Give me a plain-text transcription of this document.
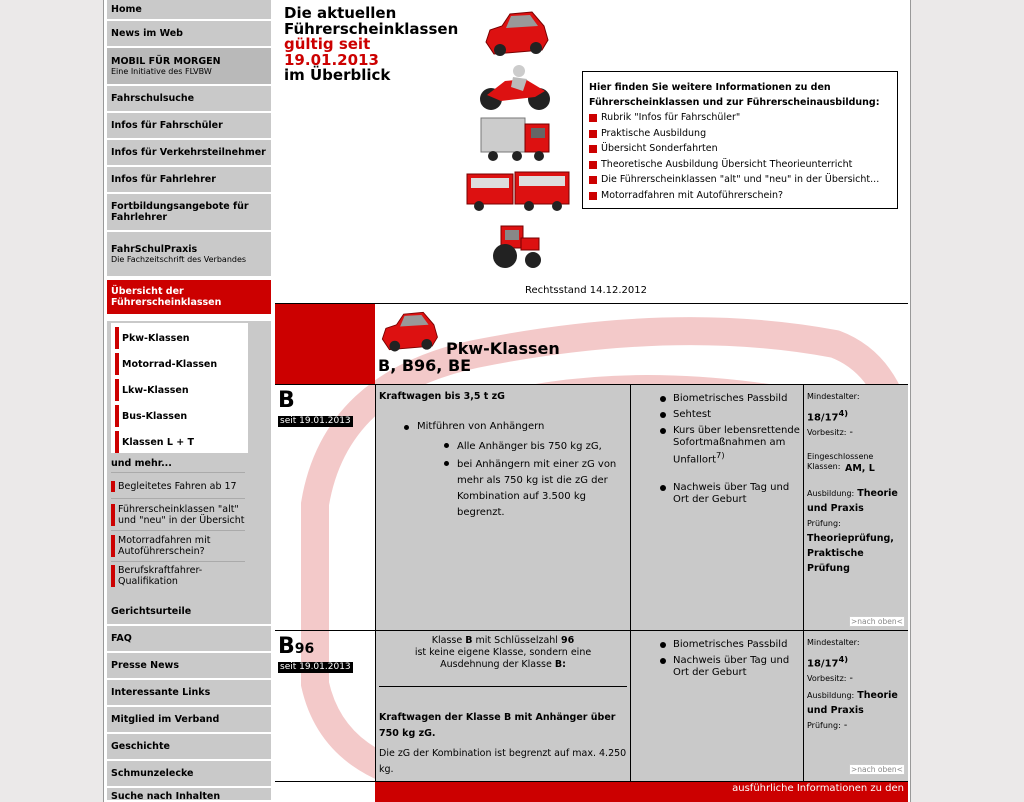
Home
News im Web
MOBIL FÜR MORGEN
Eine Initiative des FLVBW
Fahrschulsuche
Infos für Fahrschüler
Infos für Verkehrsteilnehmer
Infos für Fahrlehrer
Fortbildungsangebote für Fahrlehrer
FahrSchulPraxis
Die Fachzeitschrift des Verbandes
Übersicht der Führerscheinklassen
Pkw-Klassen
Motorrad-Klassen
Lkw-Klassen
Bus-Klassen
Klassen L + T
und mehr...
Begleitetes Fahren ab 17
Führerscheinklassen "alt" und "neu" in der Übersicht
Motorradfahren mit Autoführerschein?
Berufskraftfahrer-Qualifikation
Gerichtsurteile
FAQ
Presse News
Interessante Links
Mitglied im Verband
Geschichte
Schmunzelecke
Suche nach Inhalten
Die aktuellen
Führerscheinklassen
gültig seit
19.01.2013
im Überblick
Hier finden Sie weitere Informationen zu den
Führerscheinklassen und zur Führerscheinausbildung:
Rubrik "Infos für Fahrschüler"
Praktische Ausbildung
Übersicht Sonderfahrten
Theoretische Ausbildung Übersicht Theorieunterricht
Die Führerscheinklassen "alt" und "neu" in der Übersicht...
Motorradfahren mit Autoführerschein?
Rechtsstand 14.12.2012
Pkw-Klassen
B, B96, BE
B
seit 19.01.2013
Kraftwagen bis 3,5 t zG
Mitführen von Anhängern
Alle Anhänger bis 750 kg zG,
bei Anhängern mit einer zG von mehr als 750 kg ist die zG der Kombination auf 3.500 kg begrenzt.
Biometrisches Passbild
Sehtest
Kurs über lebensrettende Sofortmaßnahmen am Unfallort$^{7)}$
Nachweis über Tag und Ort der Geburt
Mindestalter:
18/17$^{4)}$
Vorbesitz: -
Eingeschlossene Klassen: AM, L
Ausbildung: Theorie und Praxis
Prüfung:
Theorieprüfung, Praktische Prüfung
>nach oben<
B96
seit 19.01.2013
Klasse B mit Schlüsselzahl 96
ist keine eigene Klasse, sondern eine
Ausdehnung der Klasse B:
Kraftwagen der Klasse B mit Anhänger über 750 kg zG.
Die zG der Kombination ist begrenzt auf max. 4.250 kg.
Biometrisches Passbild
Nachweis über Tag und Ort der Geburt
Mindestalter:
18/17$^{4)}$
Vorbesitz: -
Ausbildung: Theorie und Praxis
Prüfung: -
>nach oben<
ausführliche Informationen zu den
